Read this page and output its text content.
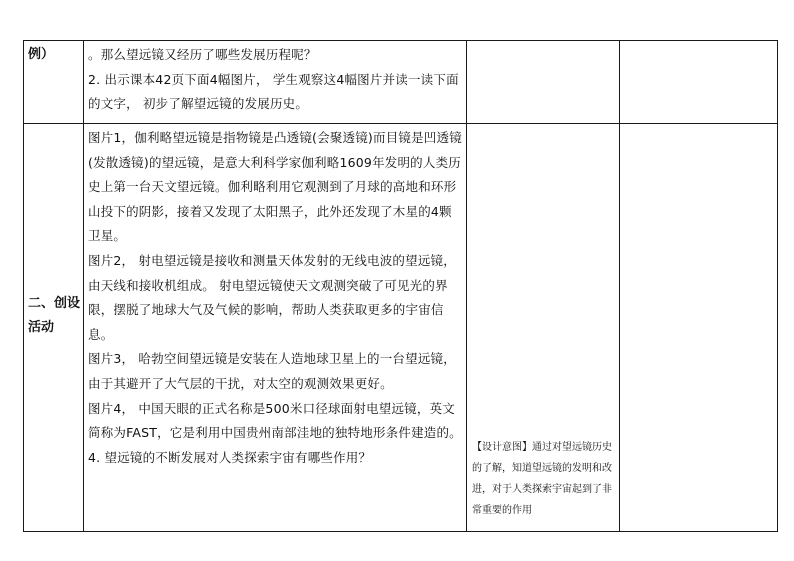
例）	。那么望远镜又经历了哪些发展历程呢？

2. 出示课本42页下面4幅图片， 学生观察这4幅图片并读一读下面的文字， 初步了解望远镜的发展历史。		

二、创设活动	图片1，伽利略望远镜是指物镜是凸透镜(会聚透镜)而目镜是凹透镜(发散透镜)的望远镜，是意大利科学家伽利略1609年发明的人类历史上第一台天文望远镜。伽利略利用它观测到了月球的高地和环形山投下的阴影，接着又发现了太阳黑子，此外还发现了木星的4颗卫星。

图片2， 射电望远镜是接收和测量天体发射的无线电波的望远镜，由天线和接收机组成。 射电望远镜使天文观测突破了可见光的界限，摆脱了地球大气及气候的影响，帮助人类获取更多的宇宙信息。

图片3， 哈勃空间望远镜是安装在人造地球卫星上的一台望远镜，由于其避开了大气层的干扰，对太空的观测效果更好。

图片4， 中国天眼的正式名称是500米口径球面射电望远镜，英文简称为FAST，它是利用中国贵州南部洼地的独特地形条件建造的。

4. 望远镜的不断发展对人类探索宇宙有哪些作用？	【设计意图】通过对望远镜历史的了解，知道望远镜的发明和改进，对于人类探索宇宙起到了非常重要的作用	
